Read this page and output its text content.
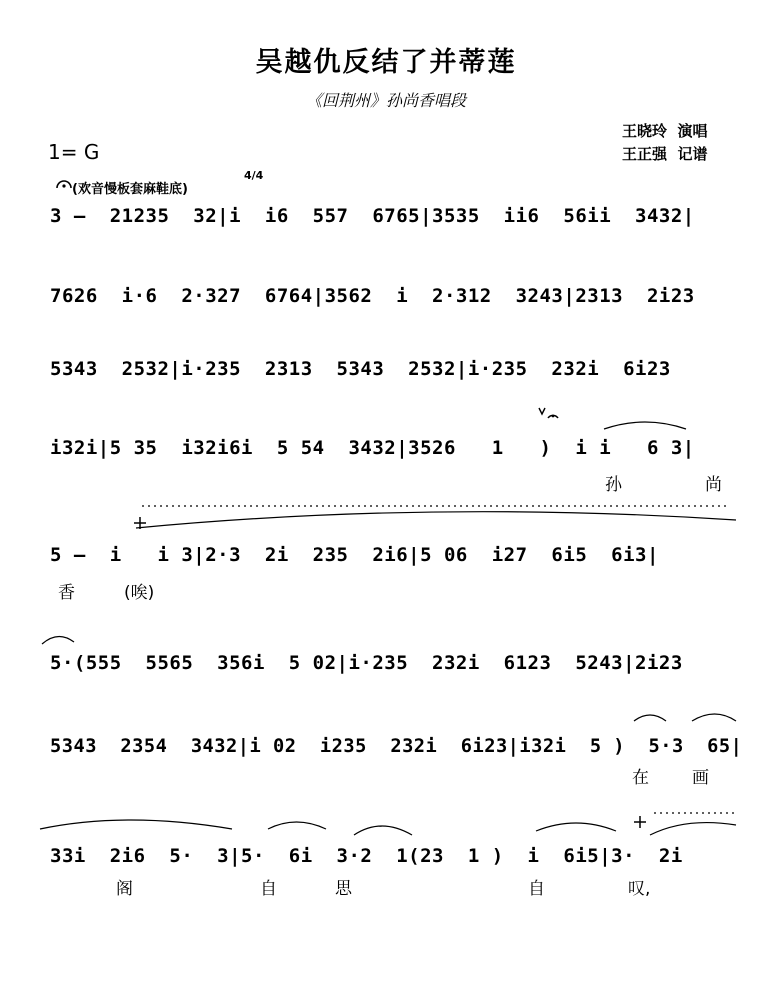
吴越仇反结了并蒂莲
《回荆州》孙尚香唱段
王晓玲  演唱
王正强  记谱
1= G
(欢音慢板套麻鞋底)
4/4
3 —  21235  32|i  i6  557  6765|3535  ii6  56ii  3432|
7626  i·6  2·327  6764|3562  i  2·312  3243|2313  2i23
5343  2532|i·235  2313  5343  2532|i·235  232i  6i23
i32i|5 35  i32i6i  5 54  3432|3526   1   )  i i   6 3|

孙

	尚

5 —  i   i 3|2·3  2i  235  2i6|5 06  i27  6i5  6i3|

香

	(唉)

5·(555  5565  356i  5 02|i·235  232i  6123  5243|2i23
5343  2354  3432|i 02  i235  232i  6i23|i32i  5 )  5·3  65|

在

	画

33i  2i6  5·  3|5·  6i  3·2  1(23  1 )  i  6i5|3·  2i

阁

	自

	思

	自

	叹,
